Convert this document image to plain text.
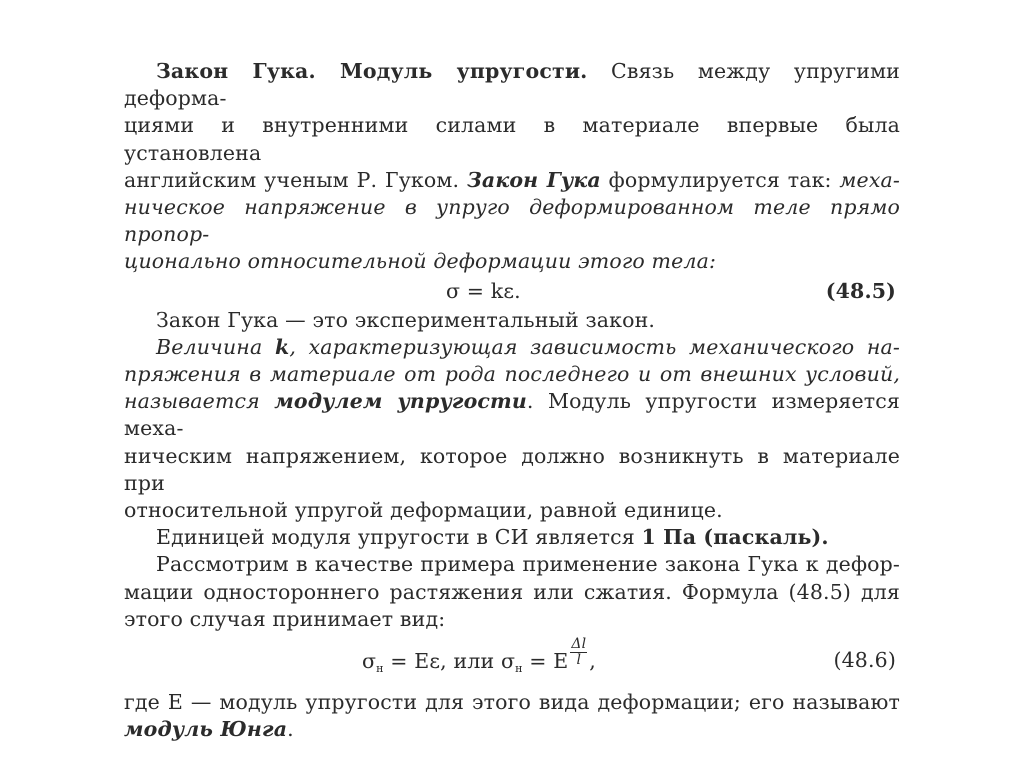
Закон Гука. Модуль упругости. Связь между упругими деформа-
циями и внутренними силами в материале впервые была установлена
английским ученым Р. Гуком. Закон Гука формулируется так: меха-
ническое напряжение в упруго деформированном теле прямо пропор-
ционально относительной деформации этого тела:
σ = kε.	(48.5)
Закон Гука — это экспериментальный закон.
Величина k, характеризующая зависимость механического на-
пряжения в материале от рода последнего и от внешних условий,
называется модулем упругости. Модуль упругости измеряется меха-
ническим напряжением, которое должно возникнуть в материале при
относительной упругой деформации, равной единице.
Единицей модуля упругости в СИ является 1 Па (паскаль).
Рассмотрим в качестве примера применение закона Гука к дефор-
мации одностороннего растяжения или сжатия. Формула (48.5) для
этого случая принимает вид:
$\sigma_н = E\varepsilon$, или $\sigma_н = E \frac{\Delta l}{l}$ ,	(48.6)
где E — модуль упругости для этого вида деформации; его называют
модуль Юнга.
